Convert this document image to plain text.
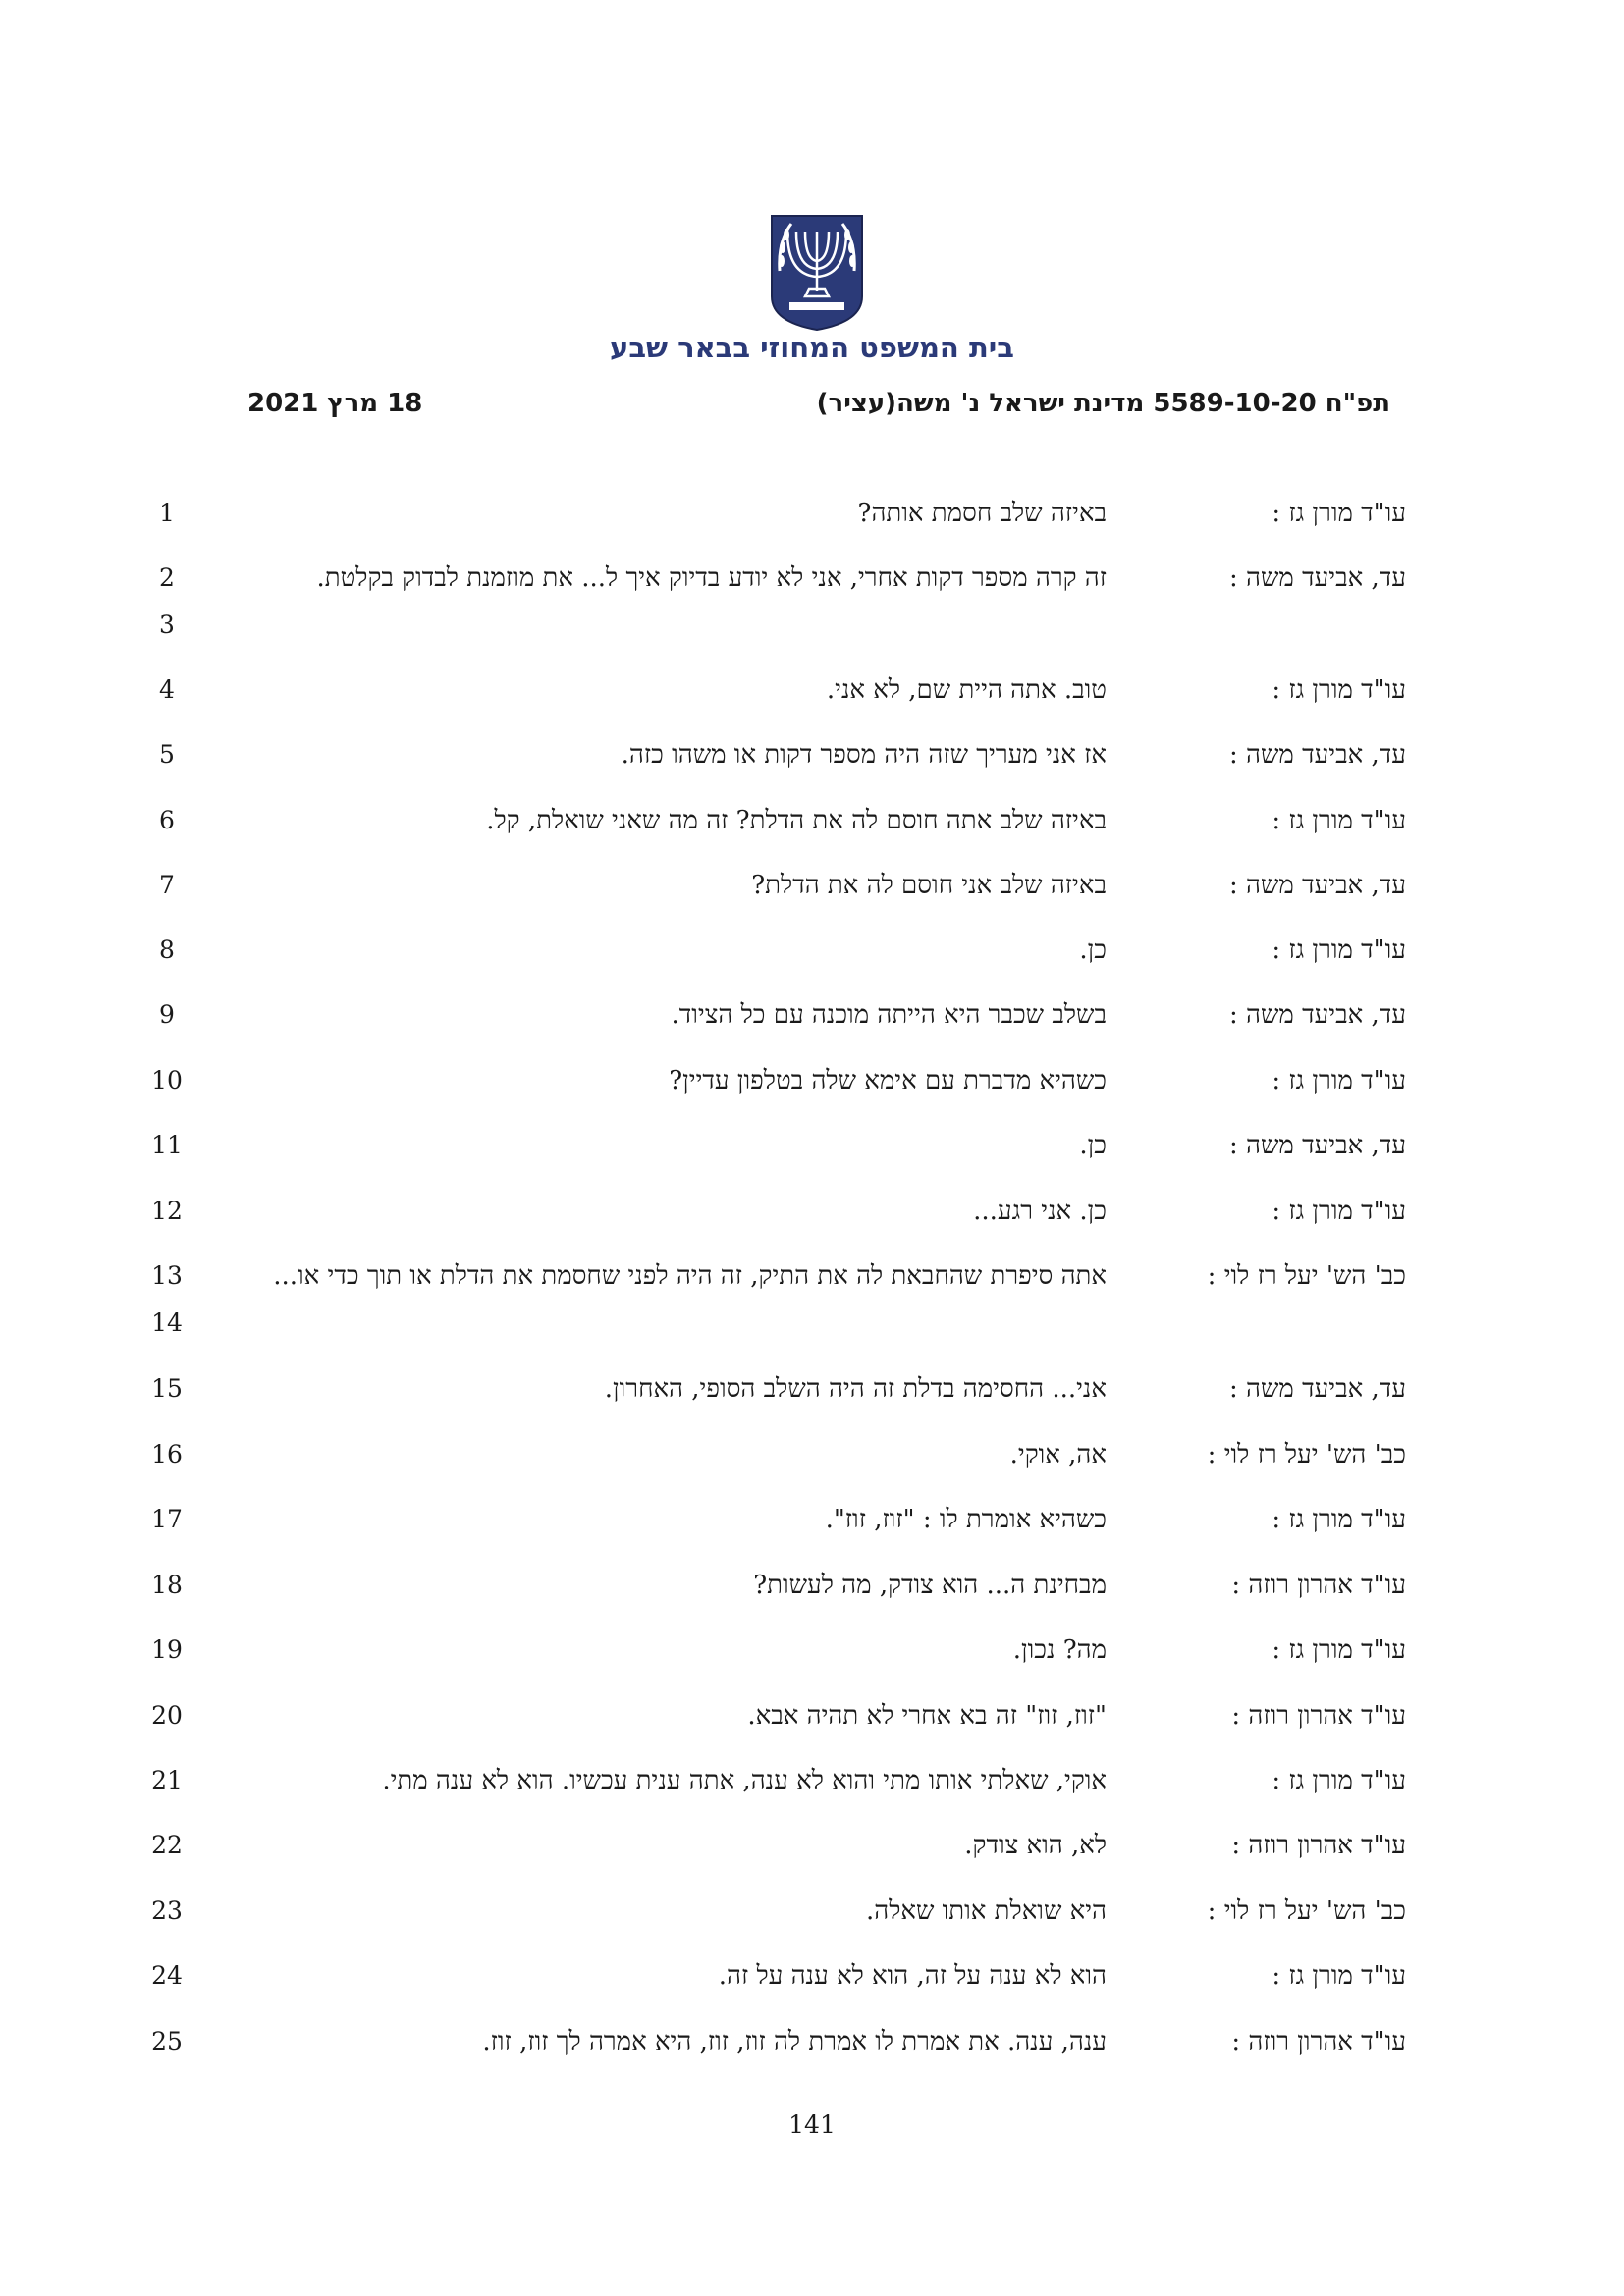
בית המשפט המחוזי בבאר שבע
תפ"ח 5589-10-20 מדינת ישראל נ' משה(עציר)
18 מרץ 2021
עו"ד מורן גז :
באיזה שלב חסמת אותה?
1
עד, אביעד משה :
זה קרה מספר דקות אחרי, אני לא יודע בדיוק איך ל... את מוזמנת לבדוק בקלטת.
2
3
עו"ד מורן גז :
טוב. אתה היית שם, לא אני.
4
עד, אביעד משה :
אז אני מעריך שזה היה מספר דקות או משהו כזה.
5
עו"ד מורן גז :
באיזה שלב אתה חוסם לה את הדלת? זה מה שאני שואלת, קל.
6
עד, אביעד משה :
באיזה שלב אני חוסם לה את הדלת?
7
עו"ד מורן גז :
כן.
8
עד, אביעד משה :
בשלב שכבר היא הייתה מוכנה עם כל הציוד.
9
עו"ד מורן גז :
כשהיא מדברת עם אימא שלה בטלפון עדיין?
10
עד, אביעד משה :
כן.
11
עו"ד מורן גז :
כן. אני רגע...
12
כב' הש' יעל רז לוי :
אתה סיפרת שהחבאת לה את התיק, זה היה לפני שחסמת את הדלת או תוך כדי או...
13
14
עד, אביעד משה :
אני... החסימה בדלת זה היה השלב הסופי, האחרון.
15
כב' הש' יעל רז לוי :
אה, אוקי.
16
עו"ד מורן גז :
כשהיא אומרת לו : "זוז, זוז".
17
עו"ד אהרון רוזה :
מבחינת ה... הוא צודק, מה לעשות?
18
עו"ד מורן גז :
מה? נכון.
19
עו"ד אהרון רוזה :
"זוז, זוז" זה בא אחרי לא תהיה אבא.
20
עו"ד מורן גז :
אוקי, שאלתי אותו מתי והוא לא ענה, אתה ענית עכשיו. הוא לא ענה מתי.
21
עו"ד אהרון רוזה :
לא, הוא צודק.
22
כב' הש' יעל רז לוי :
היא שואלת אותו שאלה.
23
עו"ד מורן גז :
הוא לא ענה על זה, הוא לא ענה על זה.
24
עו"ד אהרון רוזה :
ענה, ענה. את אמרת לו אמרת לה זוז, זוז, היא אמרה לך זוז, זוז.
25
141
